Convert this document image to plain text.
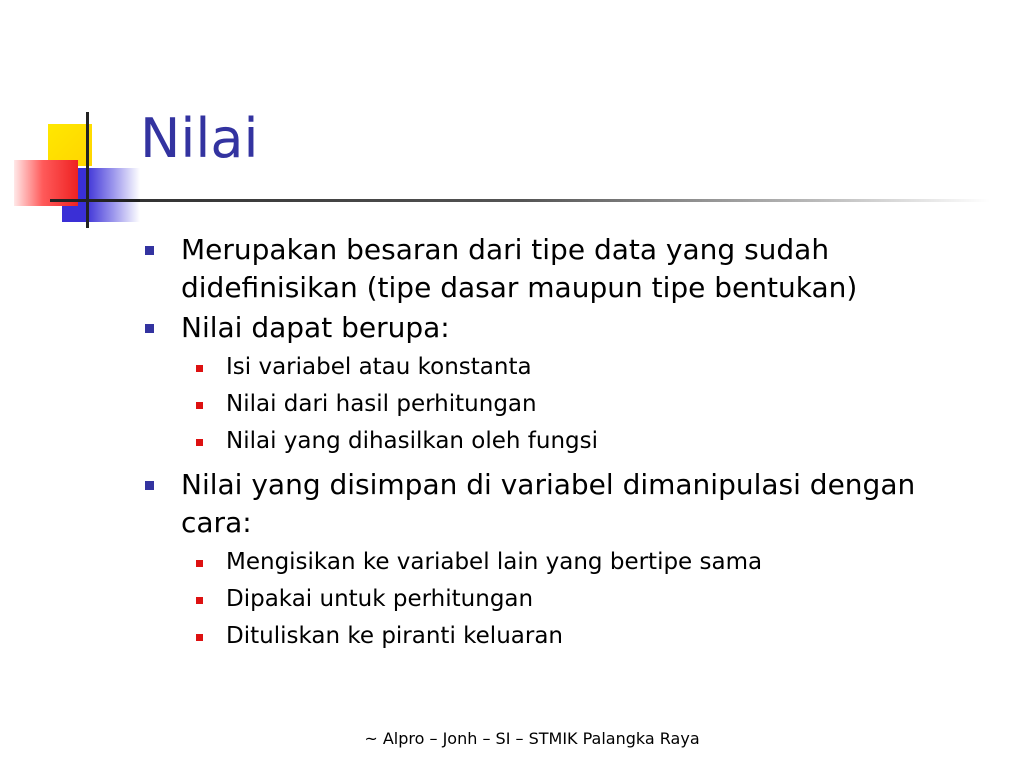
Nilai
Merupakan besaran dari tipe data yang sudah didefinisikan (tipe dasar maupun tipe bentukan)
Nilai dapat berupa:
Isi variabel atau konstanta
Nilai dari hasil perhitungan
Nilai yang dihasilkan oleh fungsi
Nilai yang disimpan di variabel dimanipulasi dengan cara:
Mengisikan ke variabel lain yang bertipe sama
Dipakai untuk perhitungan
Dituliskan ke piranti keluaran
~ Alpro – Jonh – SI – STMIK Palangka Raya
